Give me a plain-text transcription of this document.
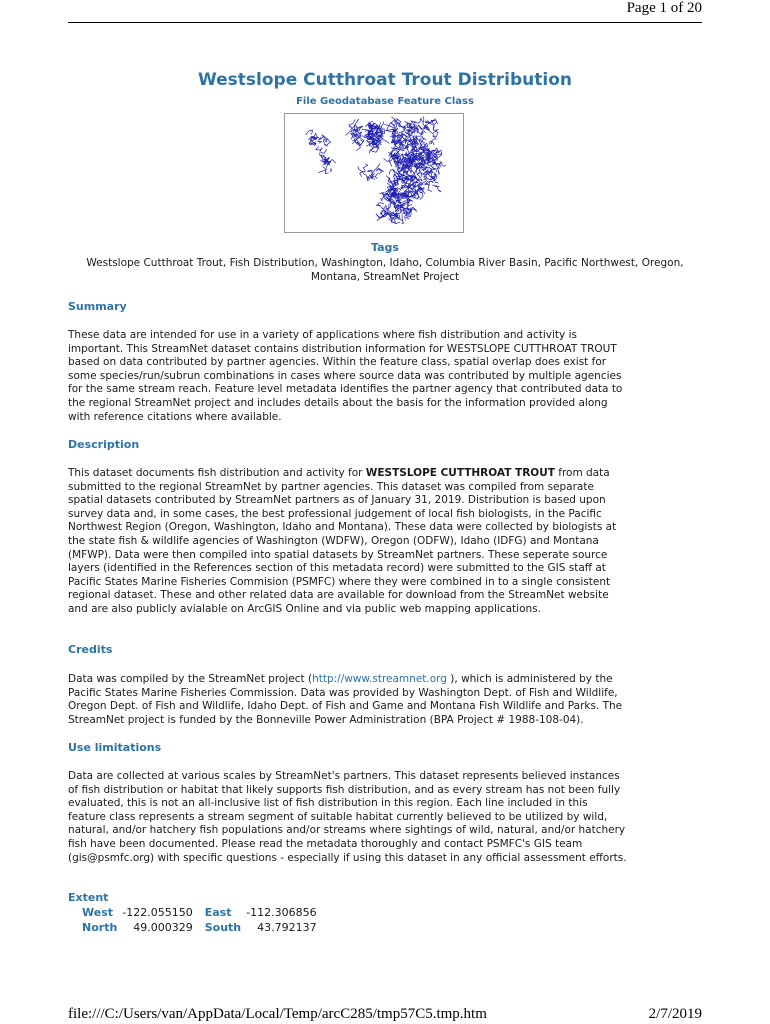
Page 1 of 20
Westslope Cutthroat Trout Distribution
File Geodatabase Feature Class
Tags
Westslope Cutthroat Trout, Fish Distribution, Washington, Idaho, Columbia River Basin, Pacific Northwest, Oregon, Montana, StreamNet Project
Summary
These data are intended for use in a variety of applications where fish distribution and activity is
important. This StreamNet dataset contains distribution information for WESTSLOPE CUTTHROAT TROUT
based on data contributed by partner agencies. Within the feature class, spatial overlap does exist for
some species/run/subrun combinations in cases where source data was contributed by multiple agencies
for the same stream reach. Feature level metadata identifies the partner agency that contributed data to
the regional StreamNet project and includes details about the basis for the information provided along
with reference citations where available.
Description
This dataset documents fish distribution and activity for WESTSLOPE CUTTHROAT TROUT from data
submitted to the regional StreamNet by partner agencies. This dataset was compiled from separate
spatial datasets contributed by StreamNet partners as of January 31, 2019. Distribution is based upon
survey data and, in some cases, the best professional judgement of local fish biologists, in the Pacific
Northwest Region (Oregon, Washington, Idaho and Montana). These data were collected by biologists at
the state fish & wildlife agencies of Washington (WDFW), Oregon (ODFW), Idaho (IDFG) and Montana
(MFWP). Data were then compiled into spatial datasets by StreamNet partners. These seperate source
layers (identified in the References section of this metadata record) were submitted to the GIS staff at
Pacific States Marine Fisheries Commision (PSMFC) where they were combined in to a single consistent
regional dataset. These and other related data are available for download from the StreamNet website
and are also publicly avialable on ArcGIS Online and via public web mapping applications.
Credits
Data was compiled by the StreamNet project (http://www.streamnet.org ), which is administered by the
Pacific States Marine Fisheries Commission. Data was provided by Washington Dept. of Fish and Wildlife,
Oregon Dept. of Fish and Wildlife, Idaho Dept. of Fish and Game and Montana Fish Wildlife and Parks. The
StreamNet project is funded by the Bonneville Power Administration (BPA Project # 1988-108-04).
Use limitations
Data are collected at various scales by StreamNet's partners. This dataset represents believed instances
of fish distribution or habitat that likely supports fish distribution, and as every stream has not been fully
evaluated, this is not an all-inclusive list of fish distribution in this region. Each line included in this
feature class represents a stream segment of suitable habitat currently believed to be utilized by wild,
natural, and/or hatchery fish populations and/or streams where sightings of wild, natural, and/or hatchery
fish have been documented. Please read the metadata thoroughly and contact PSMFC's GIS team
(gis@psmfc.org) with specific questions - especially if using this dataset in any official assessment efforts.
Extent
West	-122.055150	East	-112.306856
North	49.000329	South	43.792137
file:///C:/Users/van/AppData/Local/Temp/arcC285/tmp57C5.tmp.htm	2/7/2019
